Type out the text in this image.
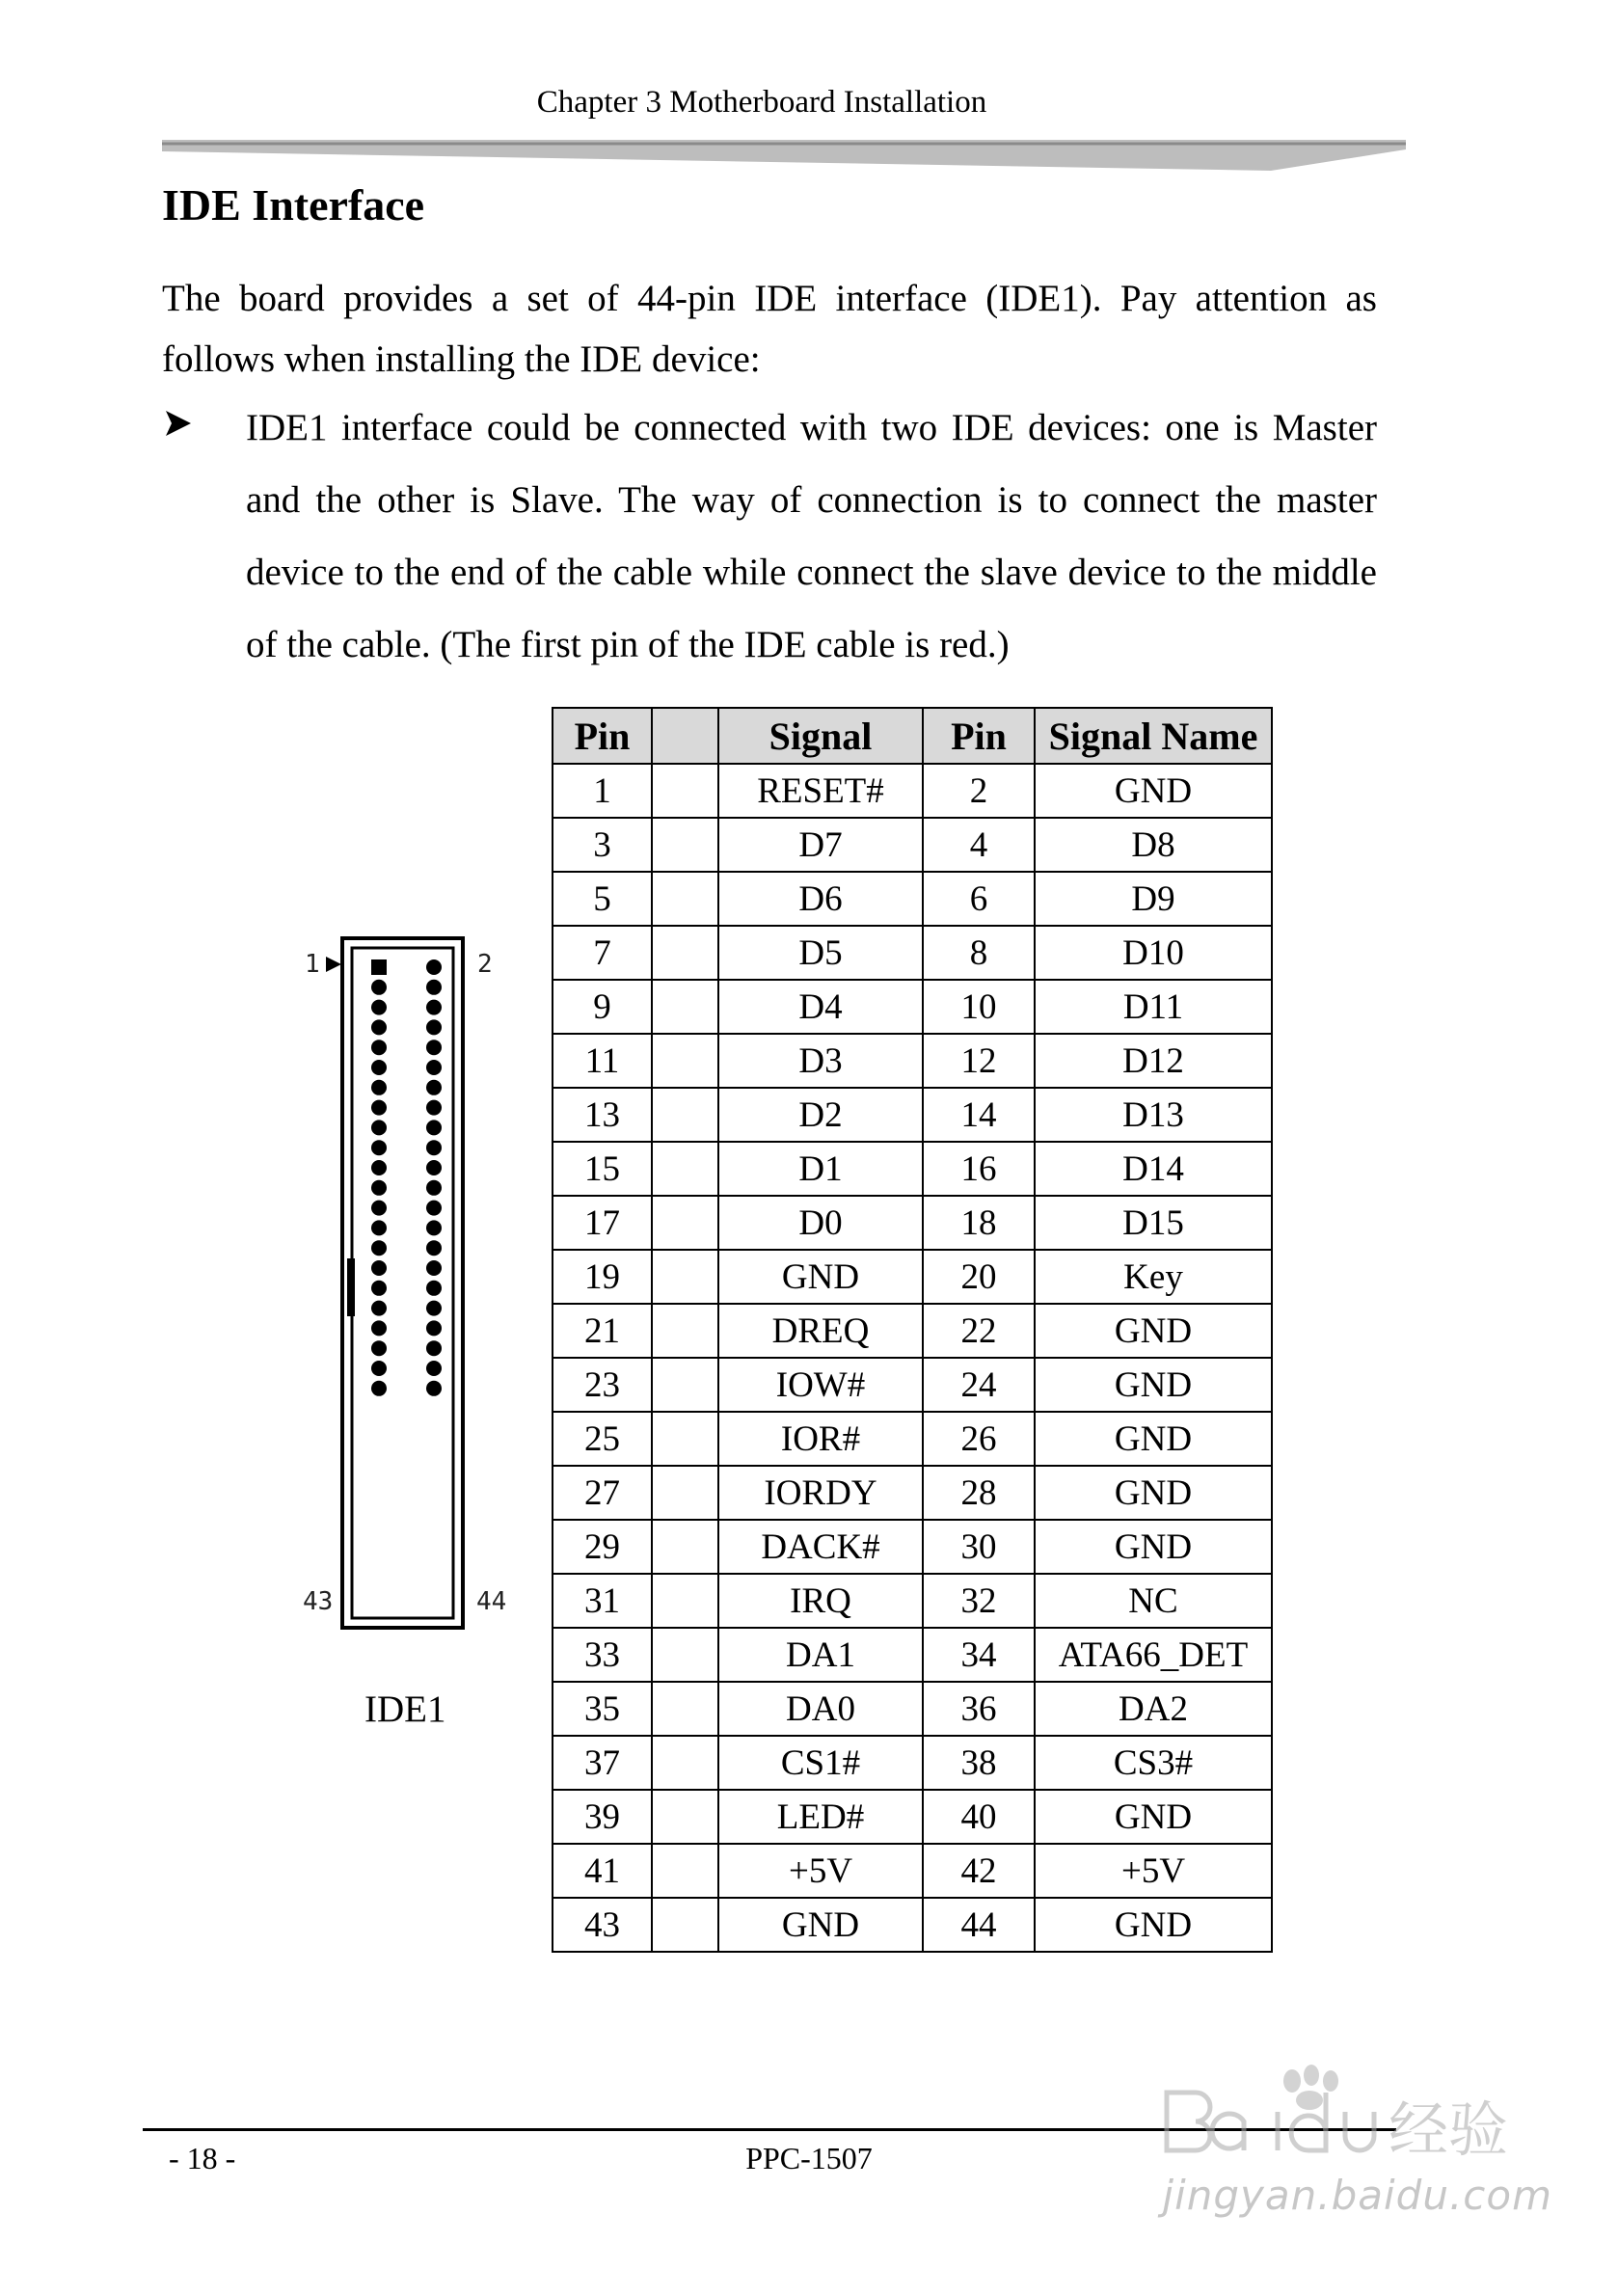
Chapter 3 Motherboard Installation
IDE Interface

The board provides a set of 44-pin IDE interface (IDE1). Pay attention as follows when installing the IDE device:

IDE1 interface could be connected with two IDE devices: one is Master and the other is Slave. The way of connection is to connect the master device to the end of the cable while connect the slave device to the middle of the cable. (The first pin of the IDE cable is red.)

1	2
43	44
IDE1
Pin		Signal	Pin	Signal Name
1		RESET#	2	GND
3		D7	4	D8
5		D6	6	D9
7		D5	8	D10
9		D4	10	D11
11		D3	12	D12
13		D2	14	D13
15		D1	16	D14
17		D0	18	D15
19		GND	20	Key
21		DREQ	22	GND
23		IOW#	24	GND
25		IOR#	26	GND
27		IORDY	28	GND
29		DACK#	30	GND
31		IRQ	32	NC
33		DA1	34	ATA66_DET
35		DA0	36	DA2
37		CS1#	38	CS3#
39		LED#	40	GND
41		+5V	42	+5V
43		GND	44	GND
- 18 -	PPC-1507	经验
jingyan.baidu.com
